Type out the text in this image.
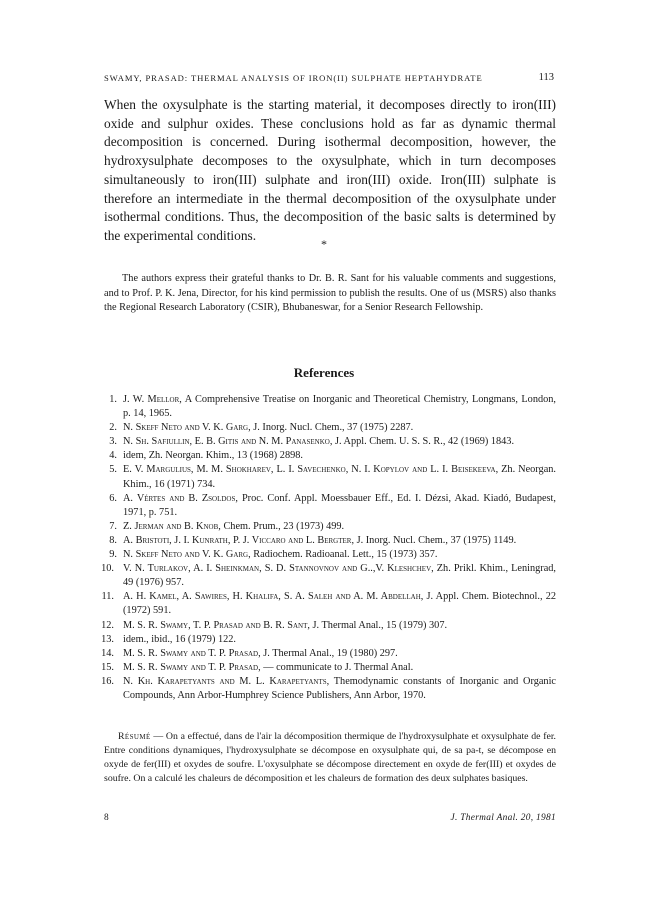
SWAMY, PRASAD: THERMAL ANALYSIS OF IRON(II) SULPHATE HEPTAHYDRATE	113
When the oxysulphate is the starting material, it decomposes directly to iron(III) oxide and sulphur oxides. These conclusions hold as far as dynamic thermal decomposition is concerned. During isothermal decomposition, however, the hydroxysulphate decomposes to the oxysulphate, which in turn decomposes simultaneously to iron(III) sulphate and iron(III) oxide. Iron(III) sulphate is therefore an intermediate in the thermal decomposition of the oxysulphate under isothermal conditions. Thus, the decomposition of the basic salts is determined by the experimental conditions.
*
The authors express their grateful thanks to Dr. B. R. Sant for his valuable comments and suggestions, and to Prof. P. K. Jena, Director, for his kind permission to publish the results. One of us (MSRS) also thanks the Regional Research Laboratory (CSIR), Bhubaneswar, for a Senior Research Fellowship.
References
1. J. W. Mellor, A Comprehensive Treatise on Inorganic and Theoretical Chemistry, Longmans, London, p. 14, 1965.
2. N. Skeff Neto and V. K. Garg, J. Inorg. Nucl. Chem., 37 (1975) 2287.
3. N. Sh. Safiullin, E. B. Gitis and N. M. Panasenko, J. Appl. Chem. U. S. S. R., 42 (1969) 1843.
4. idem, Zh. Neorgan. Khim., 13 (1968) 2898.
5. E. V. Margulius, M. M. Shokharev, L. I. Savechenko, N. I. Kopylov and L. I. Beisekeeva, Zh. Neorgan. Khim., 16 (1971) 734.
6. A. Vértes and B. Zsoldos, Proc. Conf. Appl. Moessbauer Eff., Ed. I. Dézsi, Akad. Kiadó, Budapest, 1971, p. 751.
7. Z. Jerman and B. Knob, Chem. Prum., 23 (1973) 499.
8. A. Bristoti, J. I. Kunrath, P. J. Viccaro and L. Bergter, J. Inorg. Nucl. Chem., 37 (1975) 1149.
9. N. Skeff Neto and V. K. Garg, Radiochem. Radioanal. Lett., 15 (1973) 357.
10. V. N. Turlakov, A. I. Sheinkman, S. D. Stannovnov and G..,V. Kleshchev, Zh. Prikl. Khim., Leningrad, 49 (1976) 957.
11. A. H. Kamel, A. Sawires, H. Khalifa, S. A. Saleh and A. M. Abdellah, J. Appl. Chem. Biotechnol., 22 (1972) 591.
12. M. S. R. Swamy, T. P. Prasad and B. R. Sant, J. Thermal Anal., 15 (1979) 307.
13. idem., ibid., 16 (1979) 122.
14. M. S. R. Swamy and T. P. Prasad, J. Thermal Anal., 19 (1980) 297.
15. M. S. R. Swamy and T. P. Prasad, — communicate to J. Thermal Anal.
16. N. Kh. Karapetyants and M. L. Karapetyants, Themodynamic constants of Inorganic and Organic Compounds, Ann Arbor-Humphrey Science Publishers, Ann Arbor, 1970.
Résumé — On a effectué, dans de l'air la décomposition thermique de l'hydroxysulphate et oxysulphate de fer. Entre conditions dynamiques, l'hydroxysulphate se décompose en oxysulphate qui, de sa pa-t, se décompose en oxyde de fer(III) et oxydes de soufre. L'oxysulphate se décompose directement en oxyde de fer(III) et oxydes de soufre. On a calculé les chaleurs de décomposition et les chaleurs de formation des deux sulphates basiques.
8	J. Thermal Anal. 20, 1981
